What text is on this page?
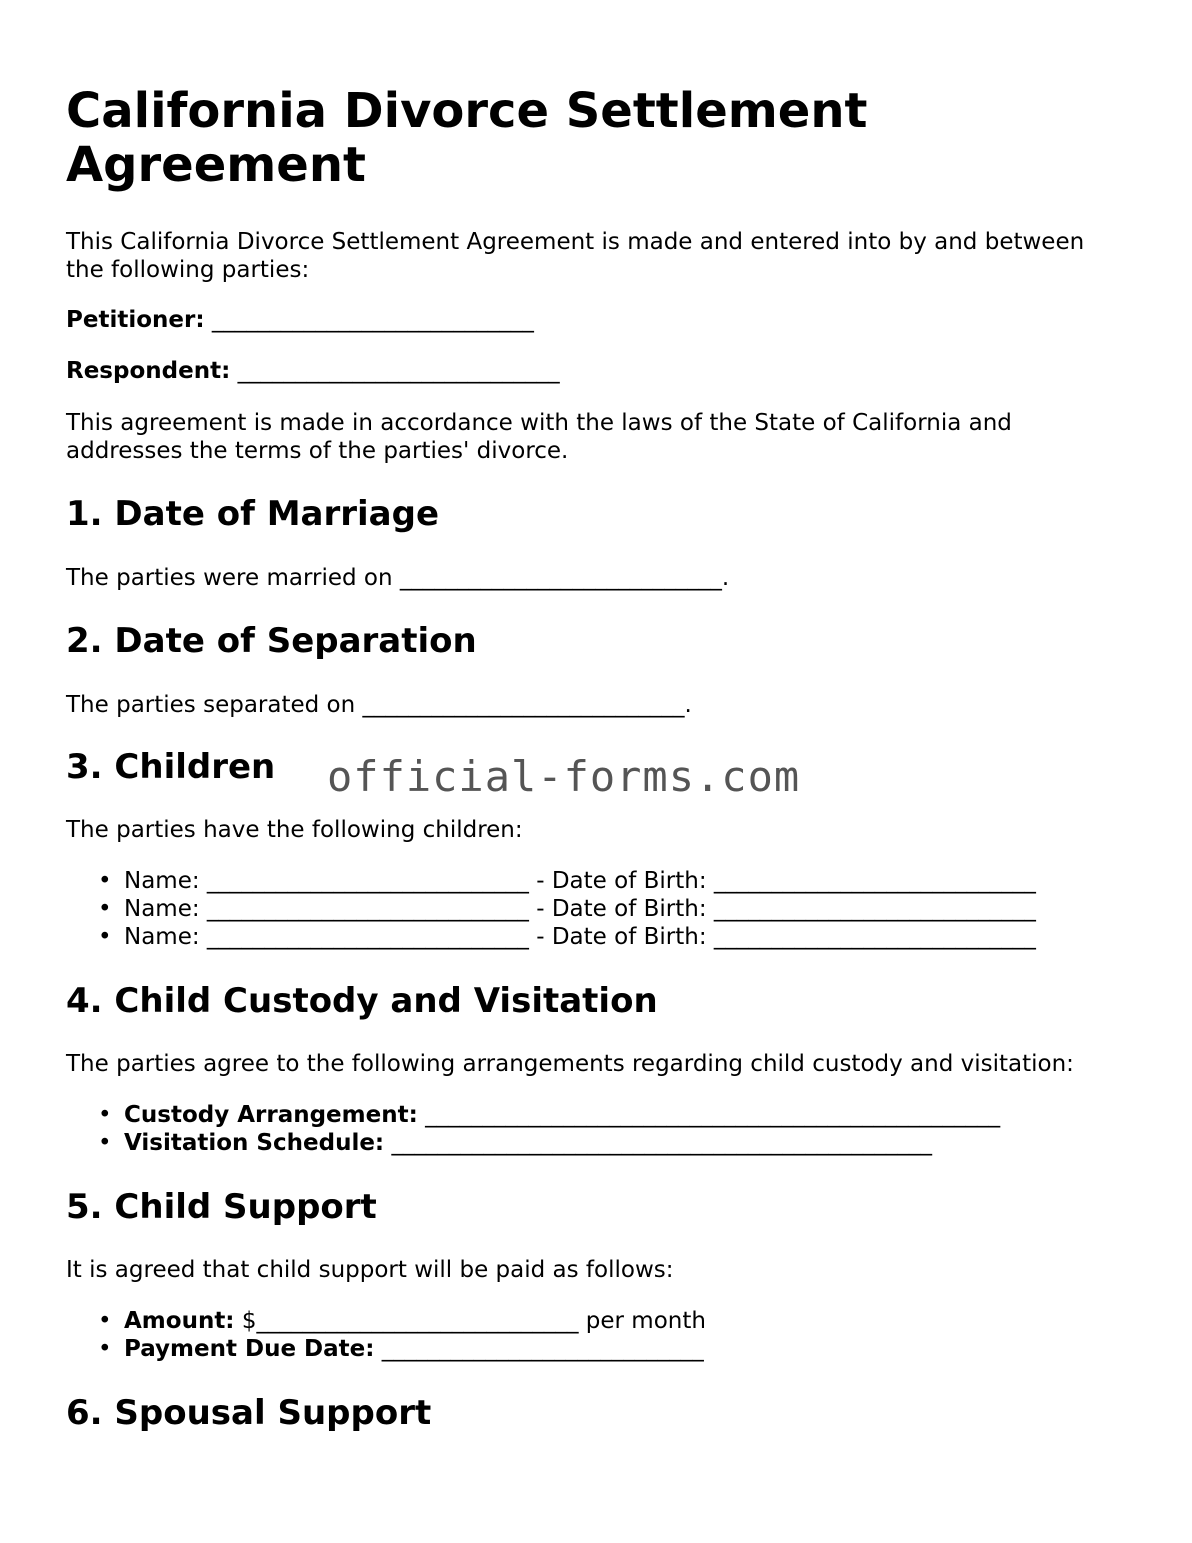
California Divorce Settlement Agreement

This California Divorce Settlement Agreement is made and entered into by and between the following parties:

Petitioner: ____________________________

Respondent: ____________________________

This agreement is made in accordance with the laws of the State of California and addresses the terms of the parties' divorce.

1. Date of Marriage

The parties were married on ____________________________.

2. Date of Separation

The parties separated on ____________________________.

3. Children

The parties have the following children:

• Name: ____________________________ - Date of Birth: ____________________________
• Name: ____________________________ - Date of Birth: ____________________________
• Name: ____________________________ - Date of Birth: ____________________________
4. Child Custody and Visitation

The parties agree to the following arrangements regarding child custody and visitation:

• Custody Arrangement: __________________________________________________
• Visitation Schedule: _______________________________________________
5. Child Support

It is agreed that child support will be paid as follows:

• Amount: $____________________________ per month
• Payment Due Date: ____________________________
6. Spousal Support

official-forms.com
